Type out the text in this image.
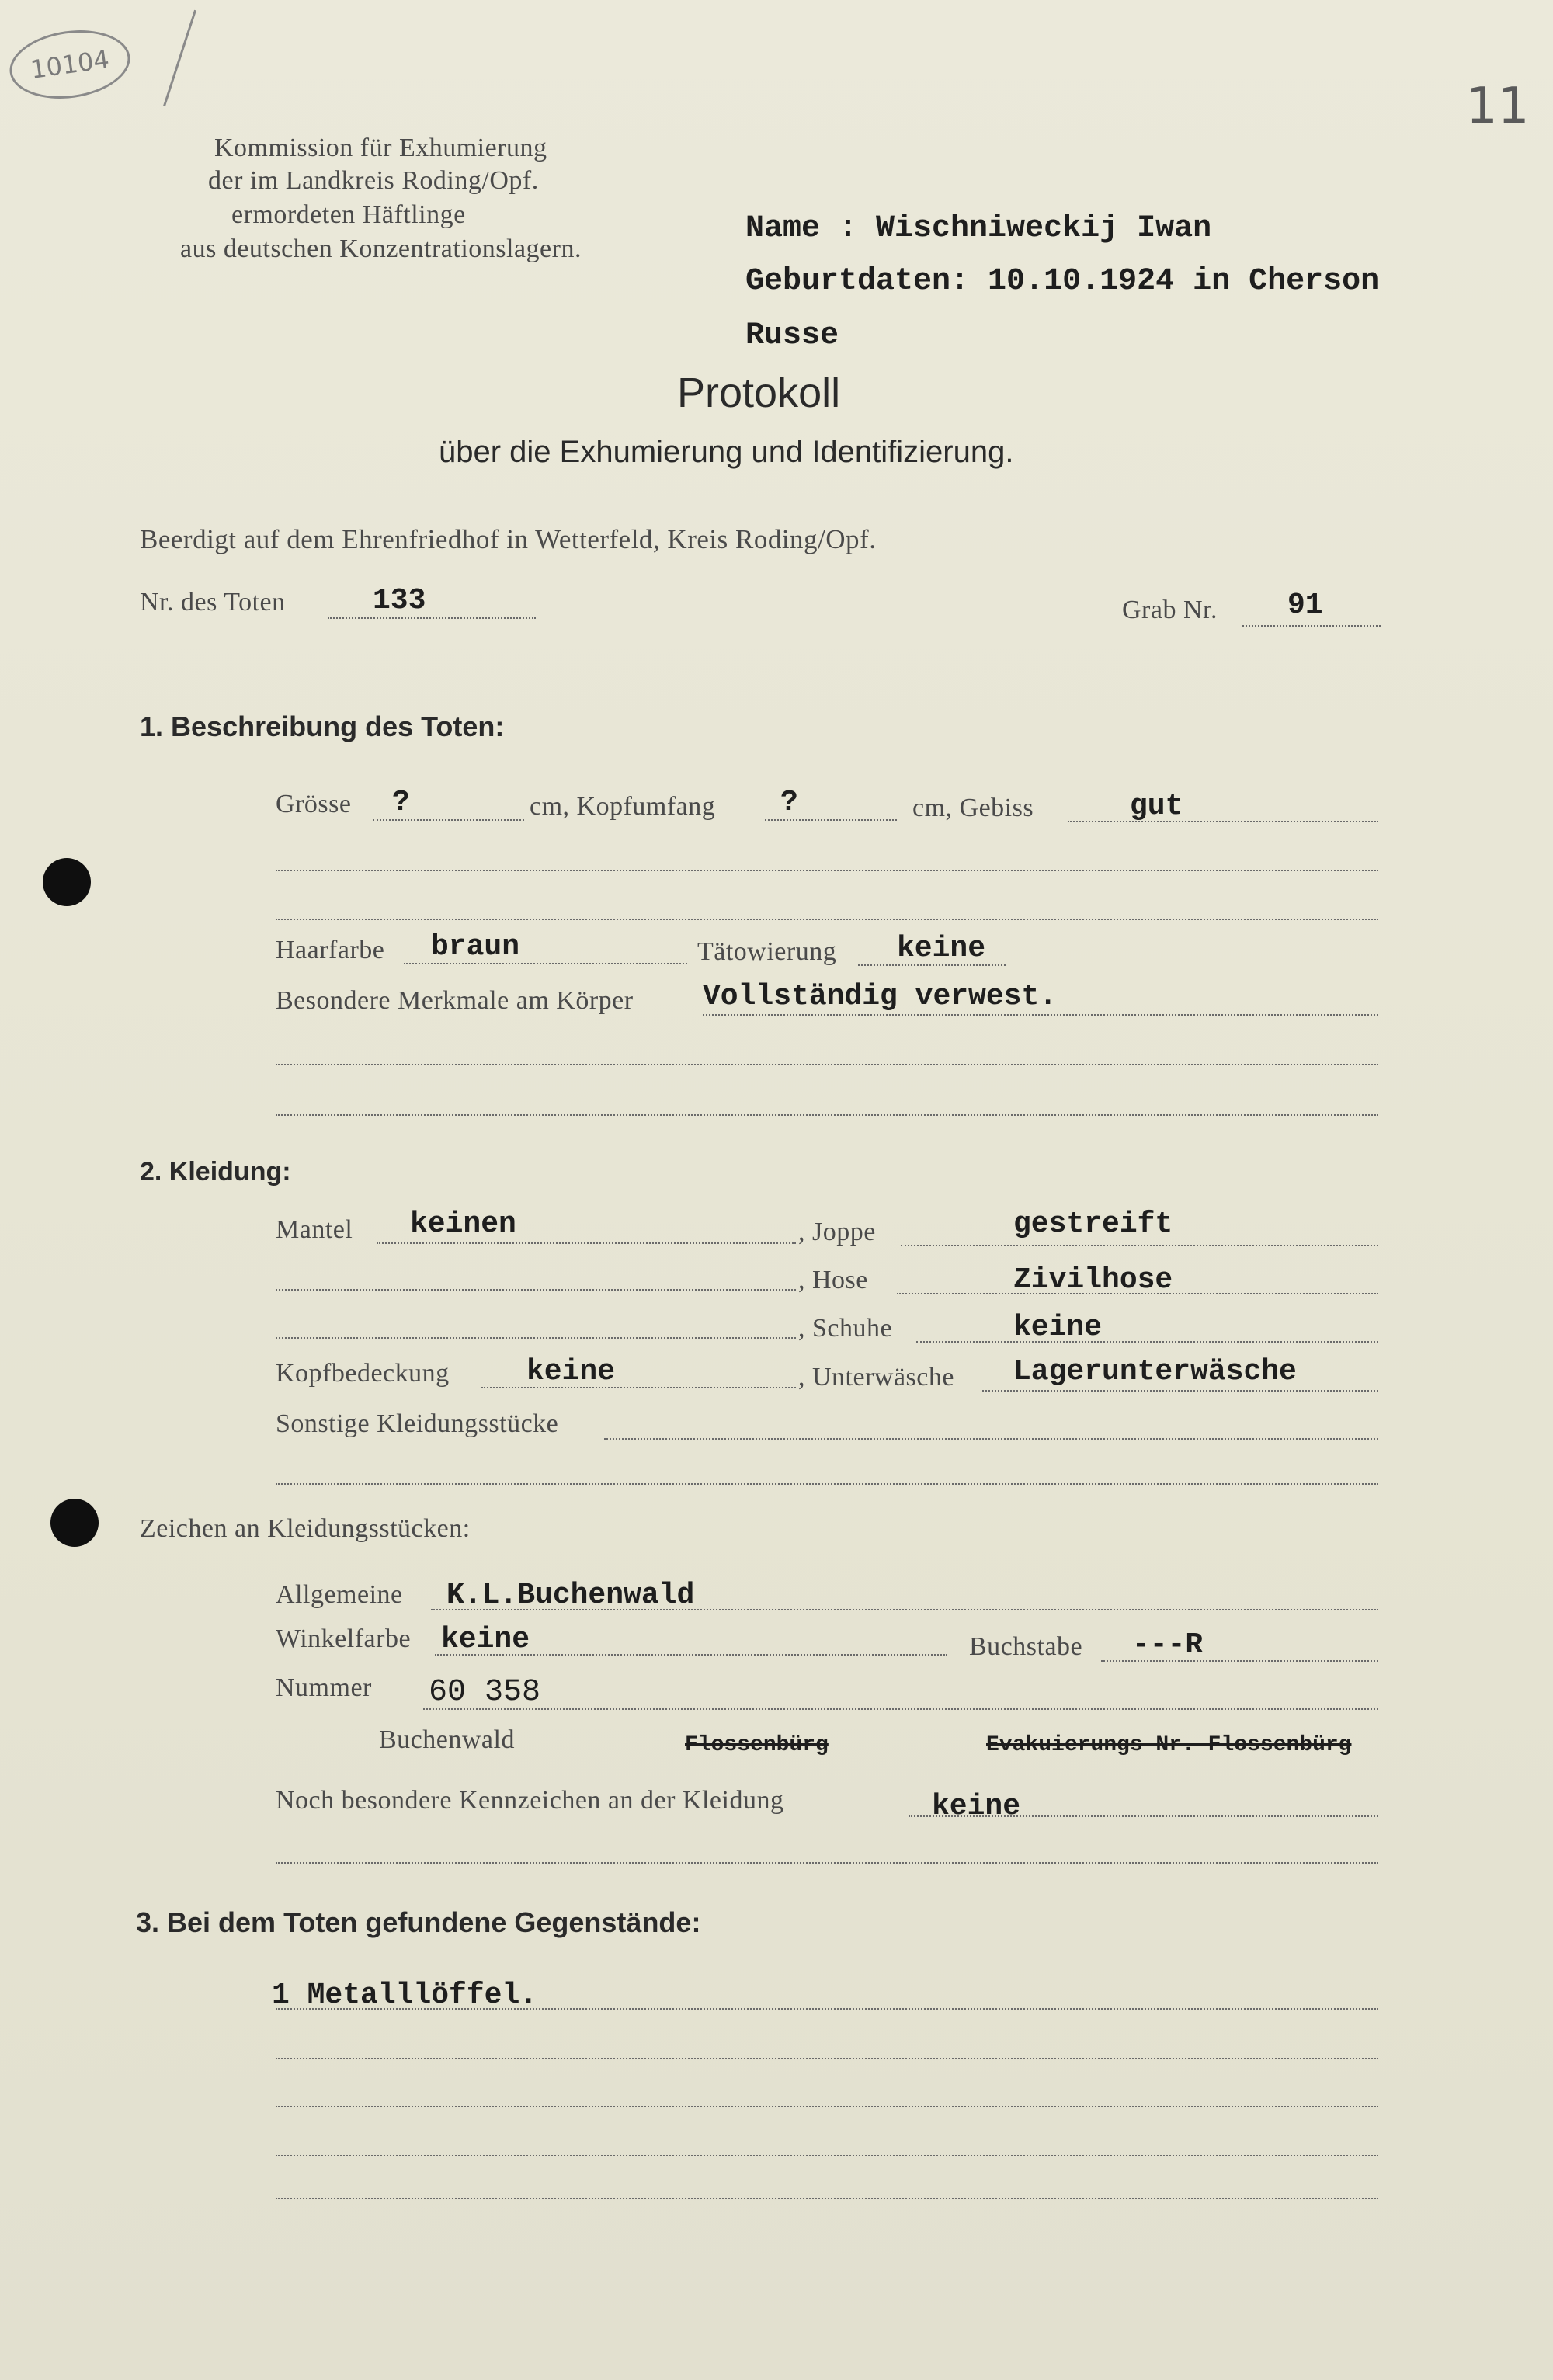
10104
11
Kommission für Exhumierung
der im Landkreis Roding/Opf.
ermordeten Häftlinge
aus deutschen Konzentrationslagern.
Name : Wischniweckij Iwan
Geburtdaten: 10.10.1924 in Cherson
Russe
Protokoll
über die Exhumierung und Identifizierung.
Beerdigt auf dem Ehrenfriedhof in Wetterfeld, Kreis Roding/Opf.
Nr. des Toten	133	Grab Nr. 91
1. Beschreibung des Toten:
Grösse ?	cm, Kopfumfang ?	cm, Gebiss	gut
Haarfarbe braun	Tätowierung keine
Besondere Merkmale am Körper Vollständig verwest.
2. Kleidung:
Mantel keinen	, Joppe	gestreift
, Hose	Zivilhose
, Schuhe	keine
Kopfbedeckung	keine	, Unterwäsche Lagerunterwäsche
Sonstige Kleidungsstücke
Zeichen an Kleidungsstücken:
Allgemeine K.L.Buchenwald
Winkelfarbe keine	Buchstabe ---R
Nummer 60 358
Buchenwald	Flossenbürg	Evakuierungs-Nr.-Flossenbürg
Noch besondere Kennzeichen an der Kleidung	keine
3. Bei dem Toten gefundene Gegenstände:
1 Metalllöffel.
